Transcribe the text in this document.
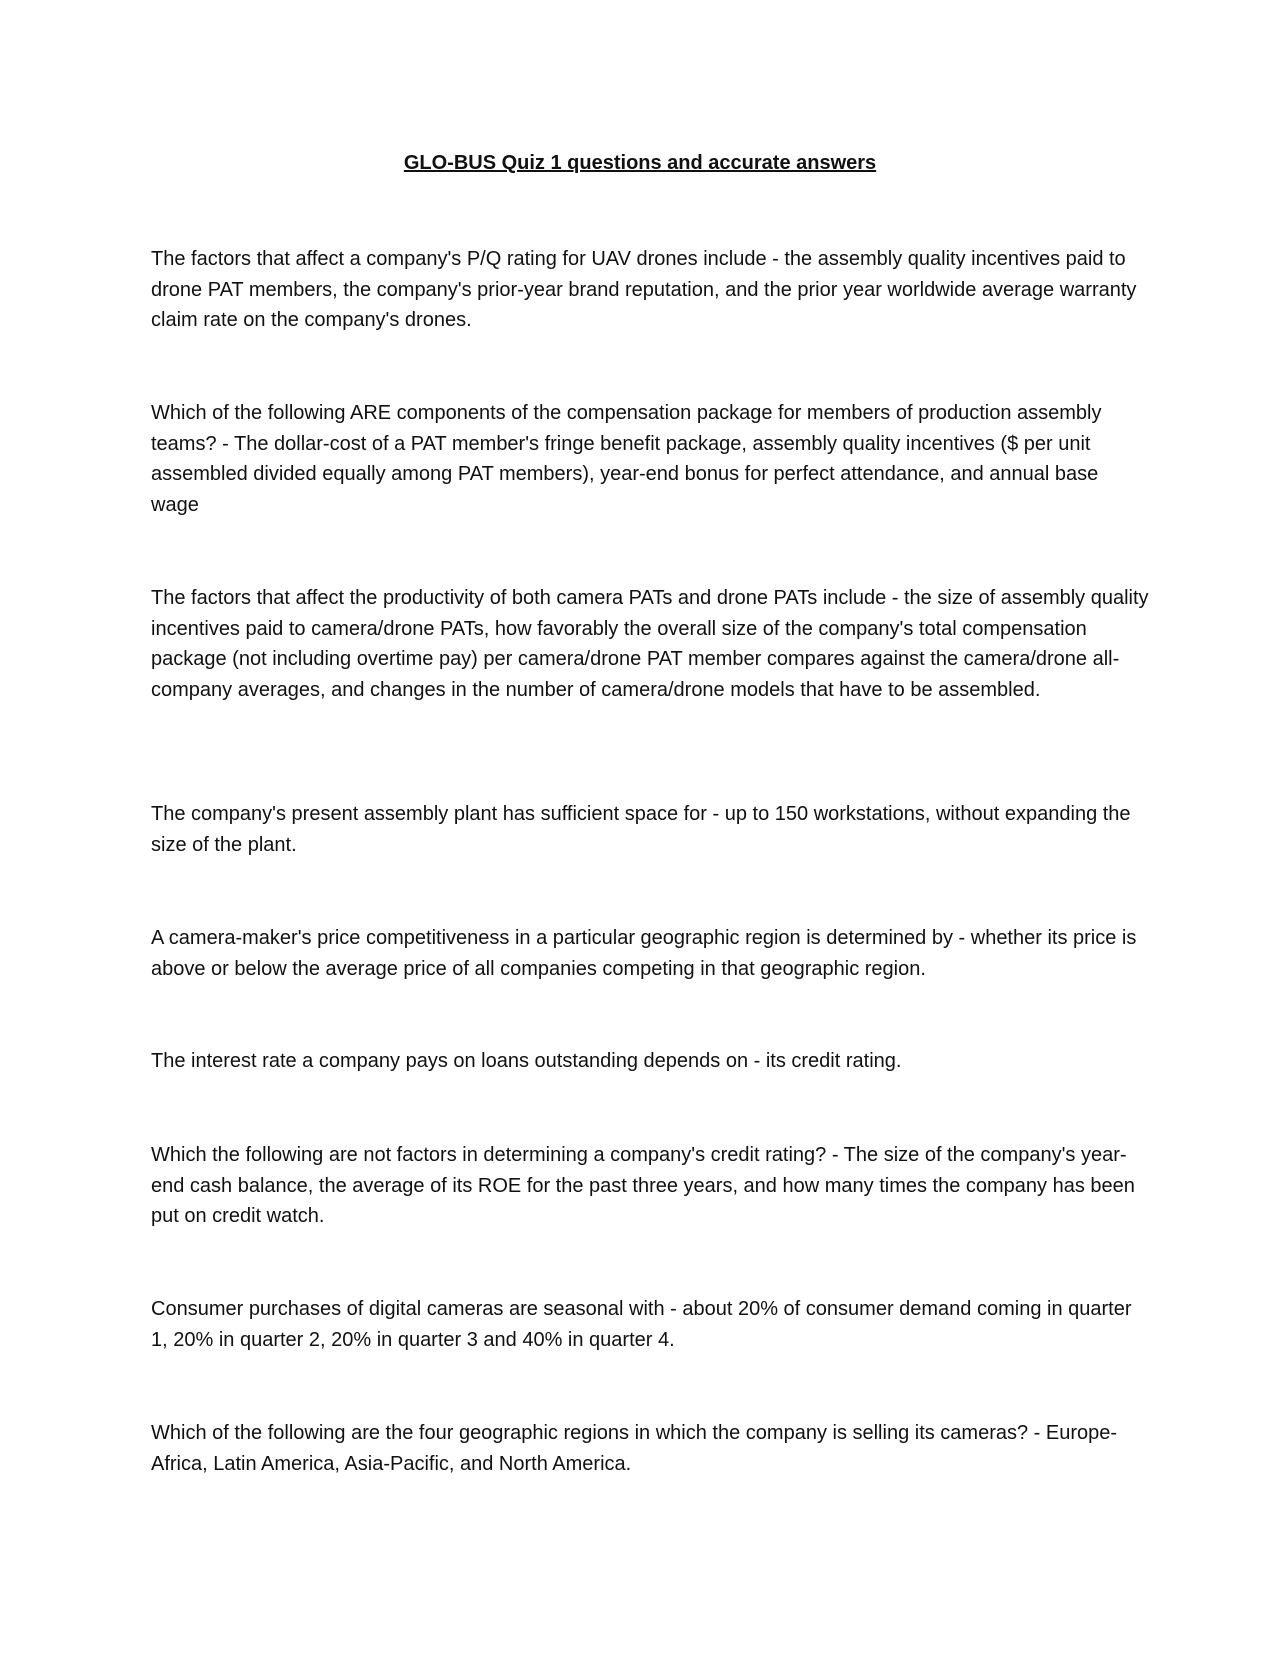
GLO-BUS Quiz 1 questions and accurate answers

The factors that affect a company's P/Q rating for UAV drones include - the assembly quality incentives paid to drone PAT members, the company's prior-year brand reputation, and the prior year worldwide average warranty claim rate on the company's drones.

Which of the following ARE components of the compensation package for members of production assembly teams? - The dollar-cost of a PAT member's fringe benefit package, assembly quality incentives ($ per unit assembled divided equally among PAT members), year-end bonus for perfect attendance, and annual base wage

The factors that affect the productivity of both camera PATs and drone PATs include - the size of assembly quality incentives paid to camera/drone PATs, how favorably the overall size of the company's total compensation package (not including overtime pay) per camera/drone PAT member compares against the camera/drone all-company averages, and changes in the number of camera/drone models that have to be assembled.

The company's present assembly plant has sufficient space for - up to 150 workstations, without expanding the size of the plant.

A camera-maker's price competitiveness in a particular geographic region is determined by - whether its price is above or below the average price of all companies competing in that geographic region.

The interest rate a company pays on loans outstanding depends on - its credit rating.

Which the following are not factors in determining a company's credit rating? - The size of the company's year-end cash balance, the average of its ROE for the past three years, and how many times the company has been put on credit watch.

Consumer purchases of digital cameras are seasonal with - about 20% of consumer demand coming in quarter 1, 20% in quarter 2, 20% in quarter 3 and 40% in quarter 4.

Which of the following are the four geographic regions in which the company is selling its cameras? - Europe-Africa, Latin America, Asia-Pacific, and North America.
